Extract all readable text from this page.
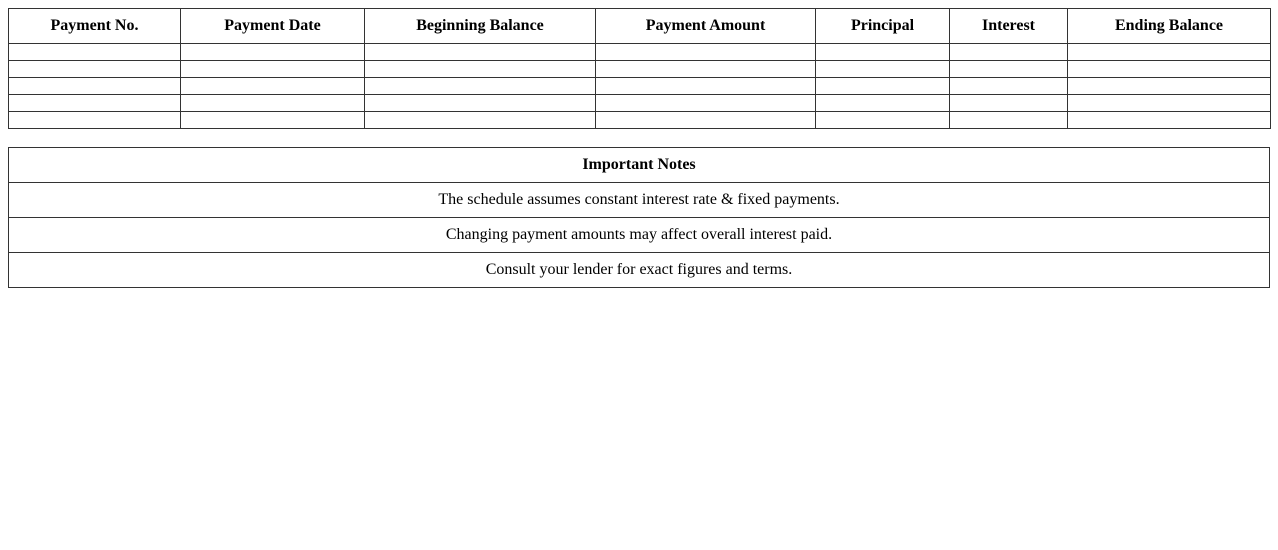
Payment No.	Payment Date	Beginning Balance	Payment Amount	Principal	Interest	Ending Balance

Important Notes
The schedule assumes constant interest rate & fixed payments.
Changing payment amounts may affect overall interest paid.
Consult your lender for exact figures and terms.
